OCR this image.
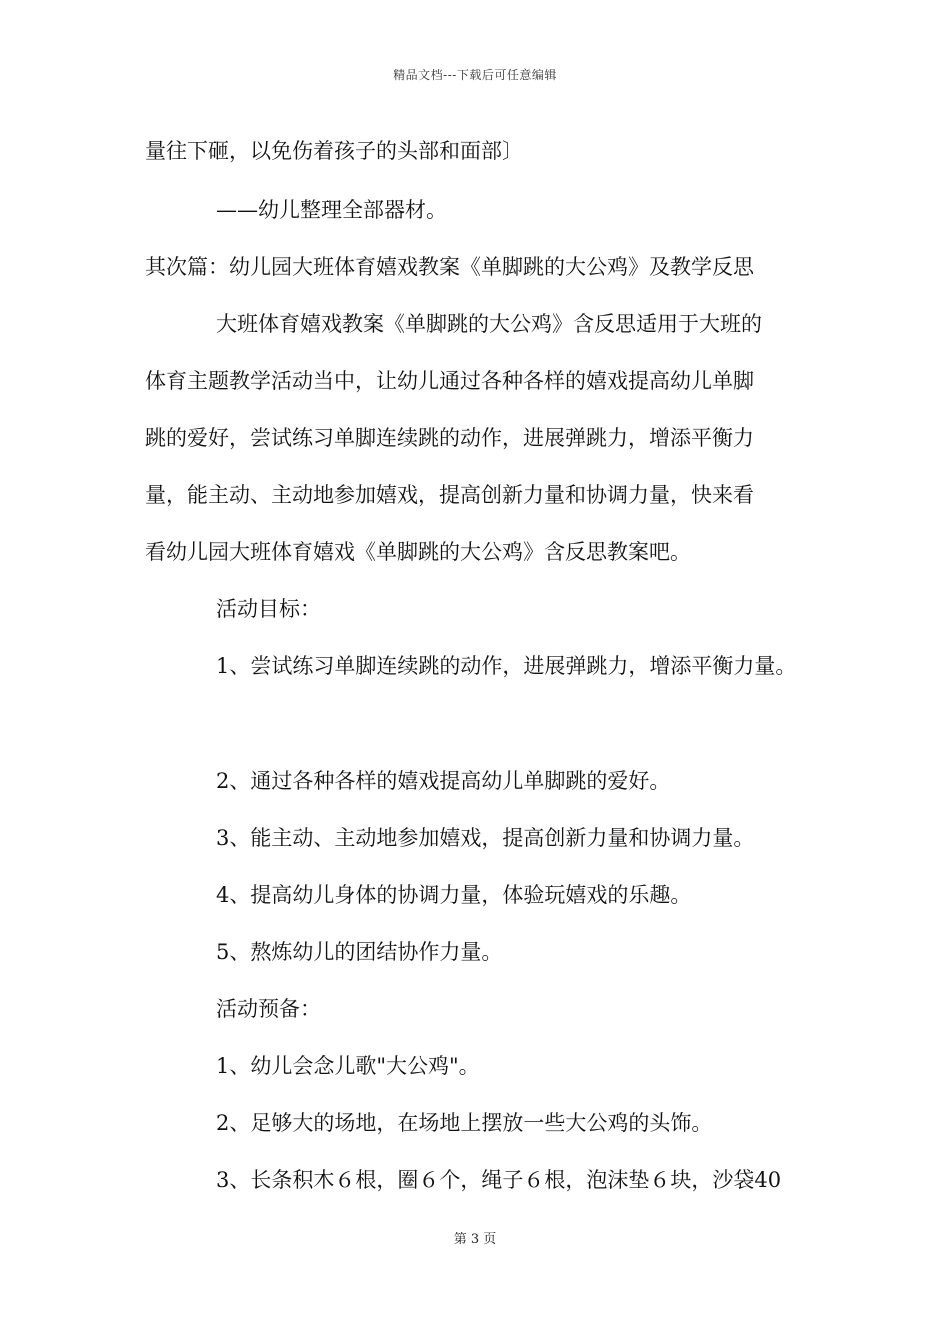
精品文档---下载后可任意编辑
量往下砸，以免伤着孩子的头部和面部〕
——幼儿整理全部器材。
其次篇：幼儿园大班体育嬉戏教案《单脚跳的大公鸡》及教学反思
大班体育嬉戏教案《单脚跳的大公鸡》含反思适用于大班的
体育主题教学活动当中，让幼儿通过各种各样的嬉戏提高幼儿单脚
跳的爱好，尝试练习单脚连续跳的动作，进展弹跳力，增添平衡力
量，能主动、主动地参加嬉戏，提高创新力量和协调力量，快来看
看幼儿园大班体育嬉戏《单脚跳的大公鸡》含反思教案吧。
活动目标：
1、尝试练习单脚连续跳的动作，进展弹跳力，增添平衡力量。
2、通过各种各样的嬉戏提高幼儿单脚跳的爱好。
3、能主动、主动地参加嬉戏，提高创新力量和协调力量。
4、提高幼儿身体的协调力量，体验玩嬉戏的乐趣。
5、熬炼幼儿的团结协作力量。
活动预备：
1、幼儿会念儿歌"大公鸡"。
2、足够大的场地，在场地上摆放一些大公鸡的头饰。
3、长条积木６根，圈６个，绳子６根，泡沫垫６块，沙袋40
第 3 页
